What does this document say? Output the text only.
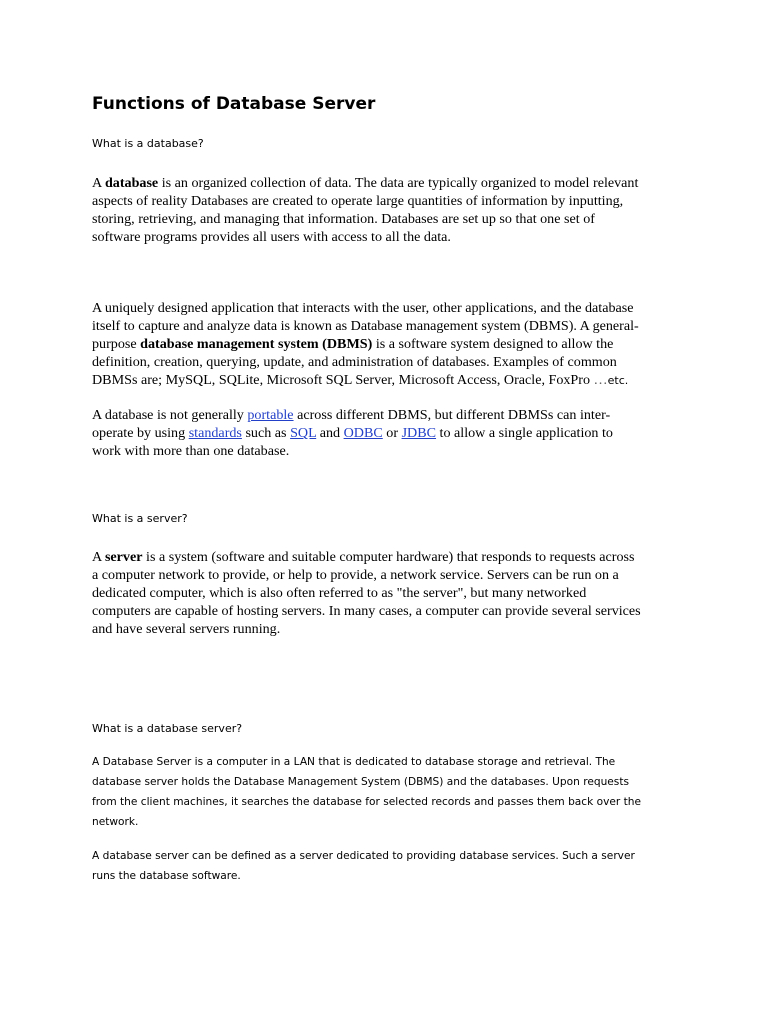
Functions of Database Server

What is a database?

A database is an organized collection of data. The data are typically organized to model relevant
aspects of reality Databases are created to operate large quantities of information by inputting,
storing, retrieving, and managing that information. Databases are set up so that one set of
software programs provides all users with access to all the data.

A uniquely designed application that interacts with the user, other applications, and the database
itself to capture and analyze data is known as Database management system (DBMS). A general-
purpose database management system (DBMS) is a software system designed to allow the
definition, creation, querying, update, and administration of databases. Examples of common
DBMSs are; MySQL, SQLite, Microsoft SQL Server, Microsoft Access, Oracle, FoxPro …etc.

A database is not generally portable across different DBMS, but different DBMSs can inter-
operate by using standards such as SQL and ODBC or JDBC to allow a single application to
work with more than one database.

What is a server?

A server is a system (software and suitable computer hardware) that responds to requests across
a computer network to provide, or help to provide, a network service. Servers can be run on a
dedicated computer, which is also often referred to as "the server", but many networked
computers are capable of hosting servers. In many cases, a computer can provide several services
and have several servers running.

What is a database server?

A Database Server is a computer in a LAN that is dedicated to database storage and retrieval. The
database server holds the Database Management System (DBMS) and the databases. Upon requests
from the client machines, it searches the database for selected records and passes them back over the
network.

A database server can be defined as a server dedicated to providing database services. Such a server
runs the database software.
